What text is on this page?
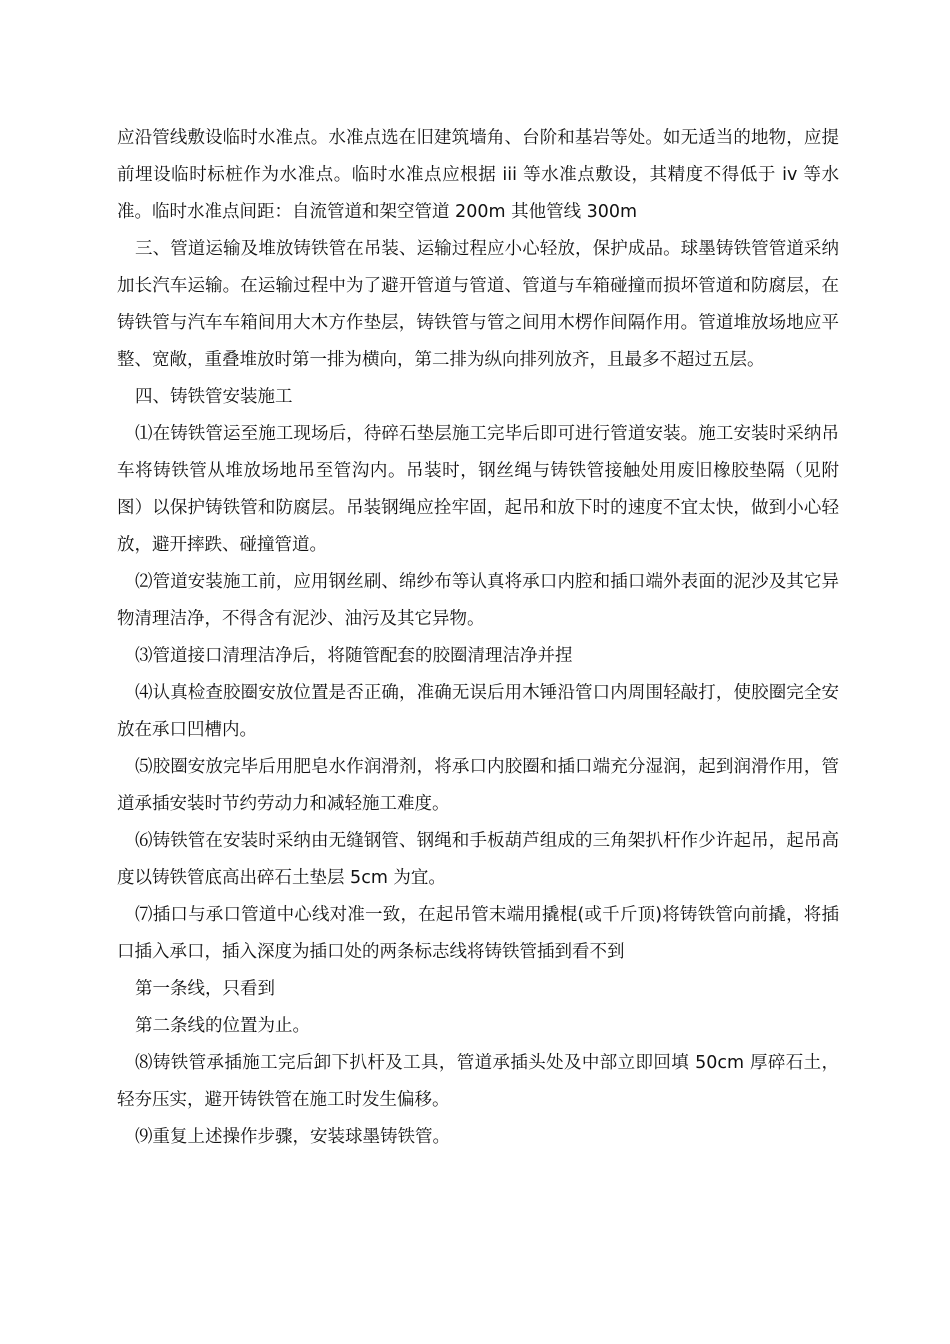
应沿管线敷设临时水准点。水准点选在旧建筑墙角、台阶和基岩等处。如无适当的地物，应提前埋设临时标桩作为水准点。临时水准点应根据 iii 等水准点敷设，其精度不得低于 iv 等水准。临时水准点间距：自流管道和架空管道 200m 其他管线 300m

三、管道运输及堆放铸铁管在吊装、运输过程应小心轻放，保护成品。球墨铸铁管管道采纳加长汽车运输。在运输过程中为了避开管道与管道、管道与车箱碰撞而损坏管道和防腐层，在铸铁管与汽车车箱间用大木方作垫层，铸铁管与管之间用木楞作间隔作用。管道堆放场地应平整、宽敞，重叠堆放时第一排为横向，第二排为纵向排列放齐，且最多不超过五层。

四、铸铁管安装施工

⑴在铸铁管运至施工现场后，待碎石垫层施工完毕后即可进行管道安装。施工安装时采纳吊车将铸铁管从堆放场地吊至管沟内。吊装时，钢丝绳与铸铁管接触处用废旧橡胶垫隔（见附图）以保护铸铁管和防腐层。吊装钢绳应拴牢固，起吊和放下时的速度不宜太快，做到小心轻放，避开摔跌、碰撞管道。

⑵管道安装施工前，应用钢丝刷、绵纱布等认真将承口内腔和插口端外表面的泥沙及其它异物清理洁净，不得含有泥沙、油污及其它异物。

⑶管道接口清理洁净后，将随管配套的胶圈清理洁净并捏

⑷认真检查胶圈安放位置是否正确，准确无误后用木锤沿管口内周围轻敲打，使胶圈完全安放在承口凹槽内。

⑸胶圈安放完毕后用肥皂水作润滑剂，将承口内胶圈和插口端充分湿润，起到润滑作用，管道承插安装时节约劳动力和减轻施工难度。

⑹铸铁管在安装时采纳由无缝钢管、钢绳和手板葫芦组成的三角架扒杆作少许起吊，起吊高度以铸铁管底高出碎石土垫层 5cm 为宜。

⑺插口与承口管道中心线对准一致，在起吊管末端用撬棍(或千斤顶)将铸铁管向前撬，将插口插入承口，插入深度为插口处的两条标志线将铸铁管插到看不到

第一条线，只看到

第二条线的位置为止。

⑻铸铁管承插施工完后卸下扒杆及工具，管道承插头处及中部立即回填 50cm 厚碎石土，轻夯压实，避开铸铁管在施工时发生偏移。

⑼重复上述操作步骤，安装球墨铸铁管。
